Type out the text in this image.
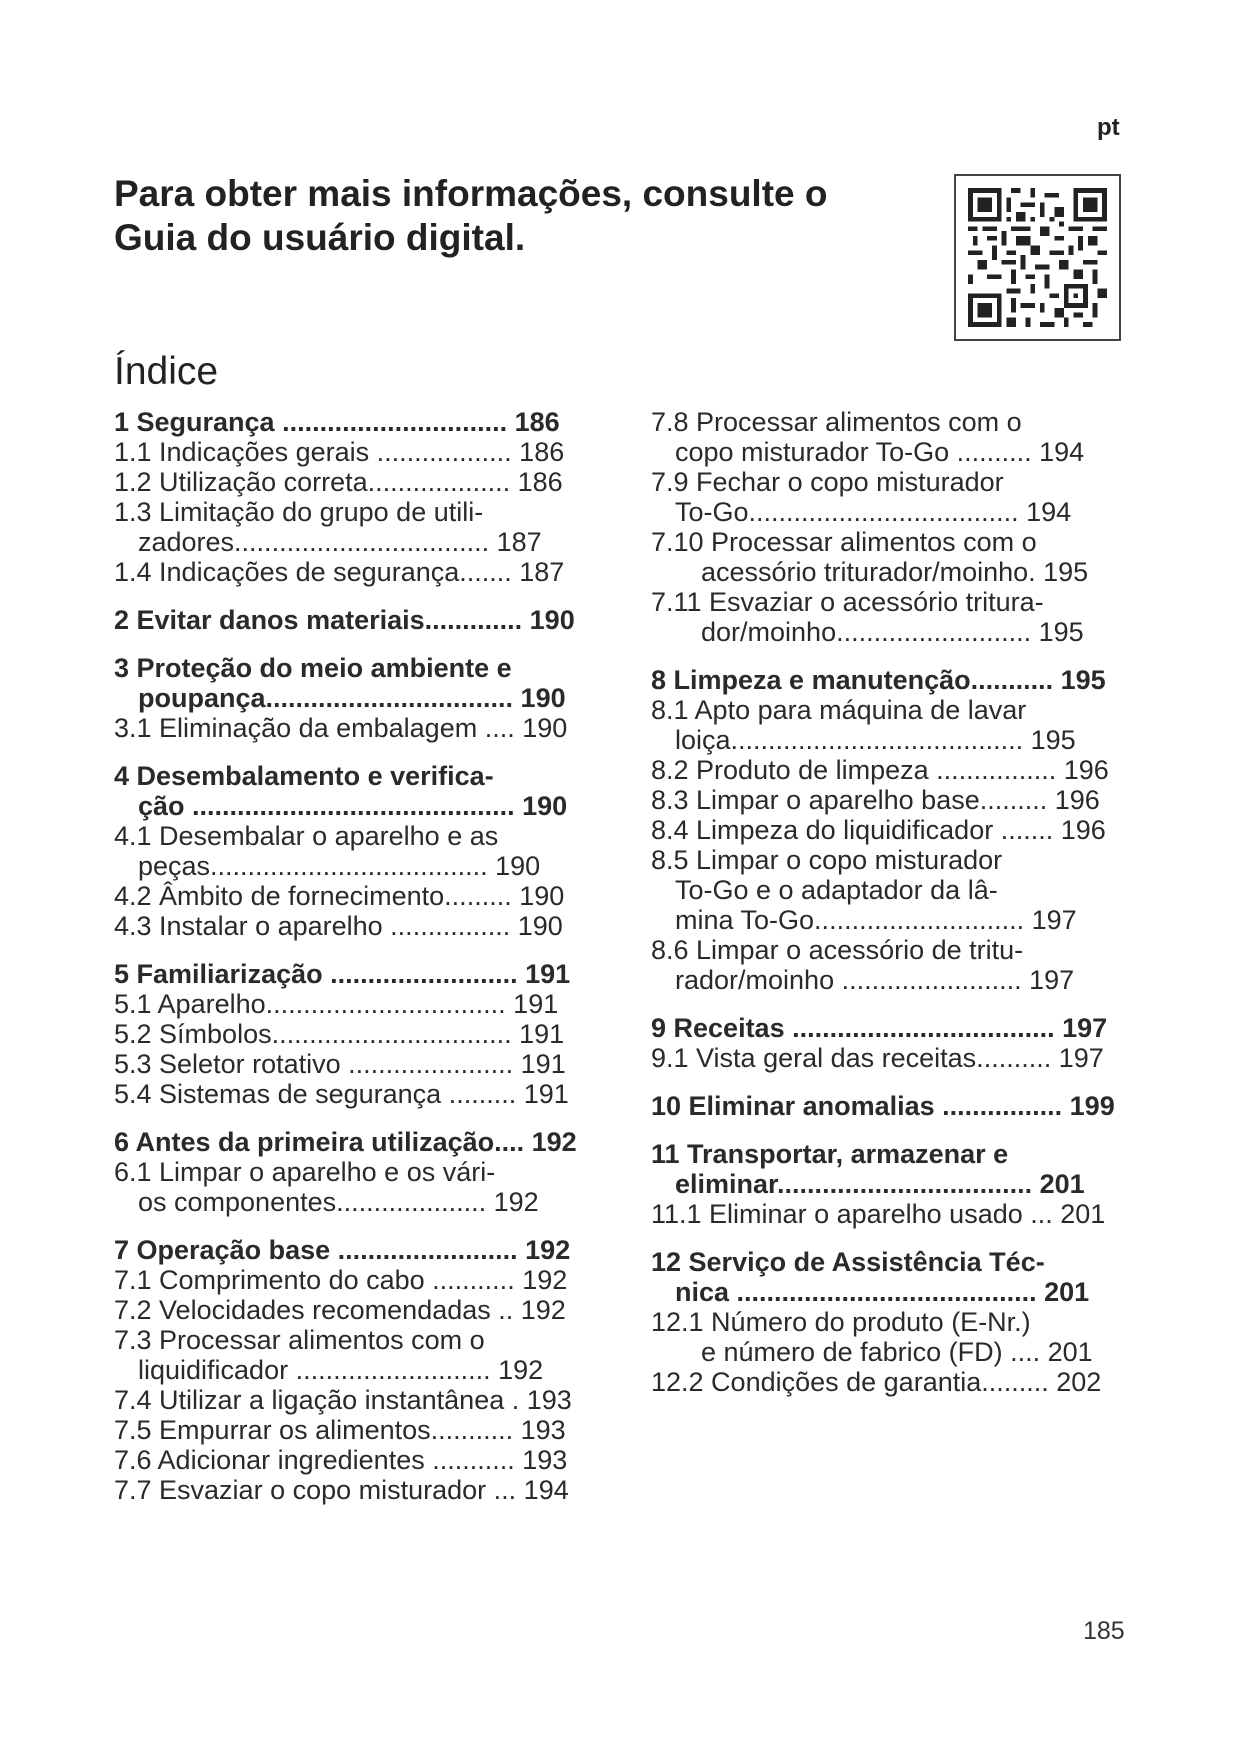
pt
Para obter mais informações, consulte o
Guia do usuário digital.
Índice
1 Segurança .............................. 186
1.1 Indicações gerais .................. 186
1.2 Utilização correta................... 186
1.3 Limitação do grupo de utili-
zadores.................................. 187
1.4 Indicações de segurança....... 187
2 Evitar danos materiais............. 190
3 Proteção do meio ambiente e
poupança................................. 190
3.1 Eliminação da embalagem .... 190
4 Desembalamento e verifica-
ção ........................................... 190
4.1 Desembalar o aparelho e as
peças..................................... 190
4.2 Âmbito de fornecimento......... 190
4.3 Instalar o aparelho ................ 190
5 Familiarização ......................... 191
5.1 Aparelho................................ 191
5.2 Símbolos................................ 191
5.3 Seletor rotativo ...................... 191
5.4 Sistemas de segurança ......... 191
6 Antes da primeira utilização.... 192
6.1 Limpar o aparelho e os vári-
os componentes.................... 192
7 Operação base ........................ 192
7.1 Comprimento do cabo ........... 192
7.2 Velocidades recomendadas .. 192
7.3 Processar alimentos com o
liquidificador .......................... 192
7.4 Utilizar a ligação instantânea . 193
7.5 Empurrar os alimentos........... 193
7.6 Adicionar ingredientes ........... 193
7.7 Esvaziar o copo misturador ... 194
7.8 Processar alimentos com o
copo misturador To-Go .......... 194
7.9 Fechar o copo misturador
To-Go.................................... 194
7.10 Processar alimentos com o
acessório triturador/moinho. 195
7.11 Esvaziar o acessório tritura-
dor/moinho.......................... 195
8 Limpeza e manutenção........... 195
8.1 Apto para máquina de lavar
loiça....................................... 195
8.2 Produto de limpeza ................ 196
8.3 Limpar o aparelho base......... 196
8.4 Limpeza do liquidificador ....... 196
8.5 Limpar o copo misturador
To-Go e o adaptador da lâ-
mina To-Go............................ 197
8.6 Limpar o acessório de tritu-
rador/moinho ........................ 197
9 Receitas ................................... 197
9.1 Vista geral das receitas.......... 197
10 Eliminar anomalias ................ 199
11 Transportar, armazenar e
eliminar.................................. 201
11.1 Eliminar o aparelho usado ... 201
12 Serviço de Assistência Téc-
nica ........................................ 201
12.1 Número do produto (E-Nr.)
e número de fabrico (FD) .... 201
12.2 Condições de garantia......... 202
185
